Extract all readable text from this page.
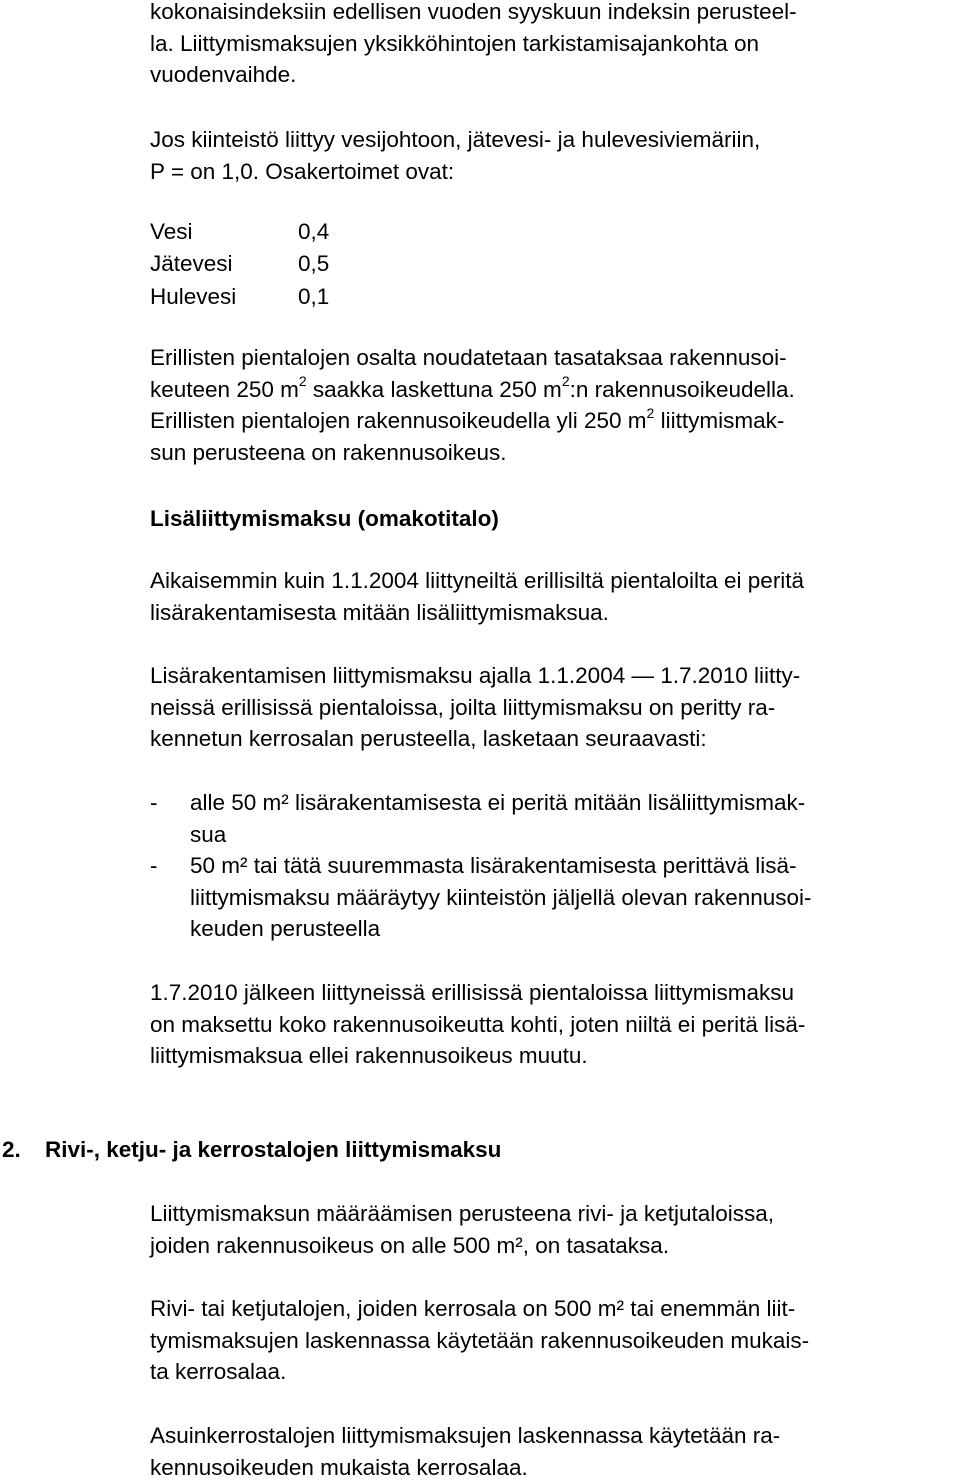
kokonaisindeksiin edellisen vuoden syyskuun indeksin perusteel-
la. Liittymismaksujen yksikköhintojen tarkistamisajankohta on
vuodenvaihde.

Jos kiinteistö liittyy vesijohtoon, jätevesi- ja hulevesiviemäriin,
P = on 1,0. Osakertoimet ovat:

Vesi	0,4
Jätevesi	0,5
Hulevesi	0,1

Erillisten pientalojen osalta noudatetaan tasataksaa rakennusoi-
keuteen 250 $m^2$ saakka laskettuna 250 $m^2:n$ rakennusoikeudella.
Erillisten pientalojen rakennusoikeudella yli 250 $m^2$ liittymismak-
sun perusteena on rakennusoikeus.

Lisäliittymismaksu (omakotitalo)

Aikaisemmin kuin 1.1.2004 liittyneiltä erillisiltä pientaloilta ei peritä
lisärakentamisesta mitään lisäliittymismaksua.

Lisärakentamisen liittymismaksu ajalla 1.1.2004 — 1.7.2010 liitty-
neissä erillisissä pientaloissa, joilta liittymismaksu on peritty ra-
kennetun kerrosalan perusteella, lasketaan seuraavasti:

- alle 50 m² lisärakentamisesta ei peritä mitään lisäliittymismak-
sua
- 50 m² tai tätä suuremmasta lisärakentamisesta perittävä lisä-
liittymismaksu määräytyy kiinteistön jäljellä olevan rakennusoi-
keuden perusteella

1.7.2010 jälkeen liittyneissä erillisissä pientaloissa liittymismaksu
on maksettu koko rakennusoikeutta kohti, joten niiltä ei peritä lisä-
liittymismaksua ellei rakennusoikeus muutu.

2. Rivi-, ketju- ja kerrostalojen liittymismaksu

Liittymismaksun määräämisen perusteena rivi- ja ketjutaloissa,
joiden rakennusoikeus on alle 500 m², on tasataksa.

Rivi- tai ketjutalojen, joiden kerrosala on 500 m² tai enemmän liit-
tymismaksujen laskennassa käytetään rakennusoikeuden mukais-
ta kerrosalaa.

Asuinkerrostalojen liittymismaksujen laskennassa käytetään ra-
kennusoikeuden mukaista kerrosalaa.
